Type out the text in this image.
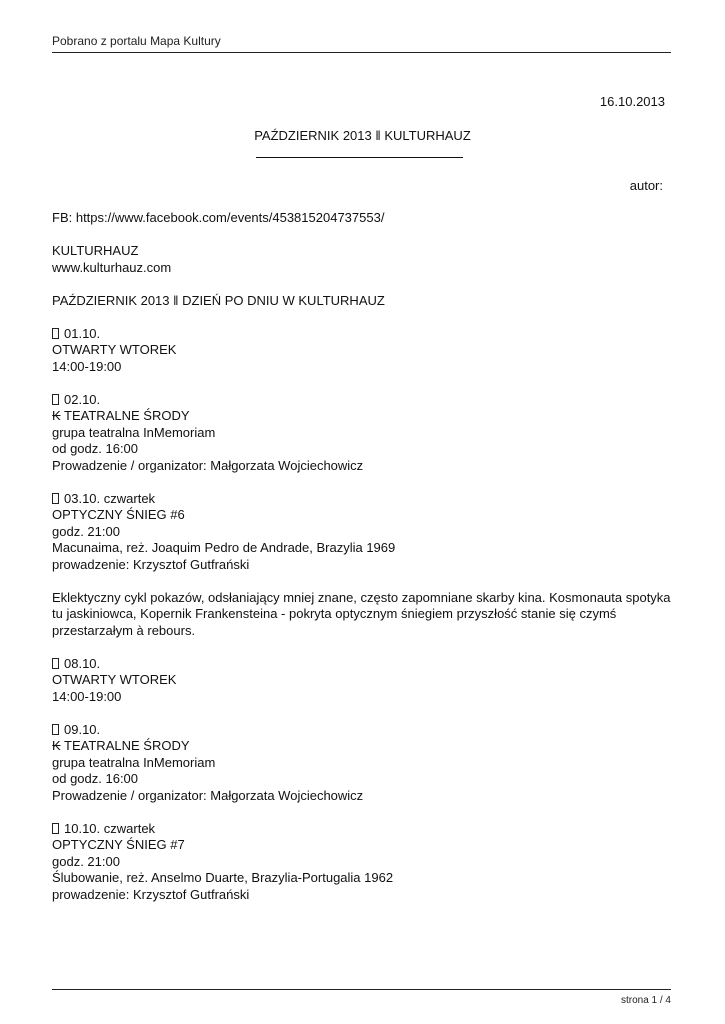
Pobrano z portalu Mapa Kultury
16.10.2013
PAŹDZIERNIK 2013 ‖ KULTURHAUZ
autor:

FB: https://www.facebook.com/events/453815204737553/

KULTURHAUZ
www.kulturhauz.com

PAŹDZIERNIK 2013 ‖ DZIEŃ PO DNIU W KULTURHAUZ

01.10.
OTWARTY WTOREK
14:00-19:00

02.10.
₭ TEATRALNE ŚRODY
grupa teatralna InMemoriam
od godz. 16:00
Prowadzenie / organizator: Małgorzata Wojciechowicz

03.10. czwartek
OPTYCZNY ŚNIEG #6
godz. 21:00
Macunaima, reż. Joaquim Pedro de Andrade, Brazylia 1969
prowadzenie: Krzysztof Gutfrański

Eklektyczny cykl pokazów, odsłaniający mniej znane, często zapomniane skarby kina. Kosmonauta spotyka tu jaskiniowca, Kopernik Frankensteina - pokryta optycznym śniegiem przyszłość stanie się czymś przestarzałym à rebours.

08.10.
OTWARTY WTOREK
14:00-19:00

09.10.
₭ TEATRALNE ŚRODY
grupa teatralna InMemoriam
od godz. 16:00
Prowadzenie / organizator: Małgorzata Wojciechowicz

10.10. czwartek
OPTYCZNY ŚNIEG #7
godz. 21:00
Ślubowanie, reż. Anselmo Duarte, Brazylia-Portugalia 1962
prowadzenie: Krzysztof Gutfrański

strona 1 / 4
